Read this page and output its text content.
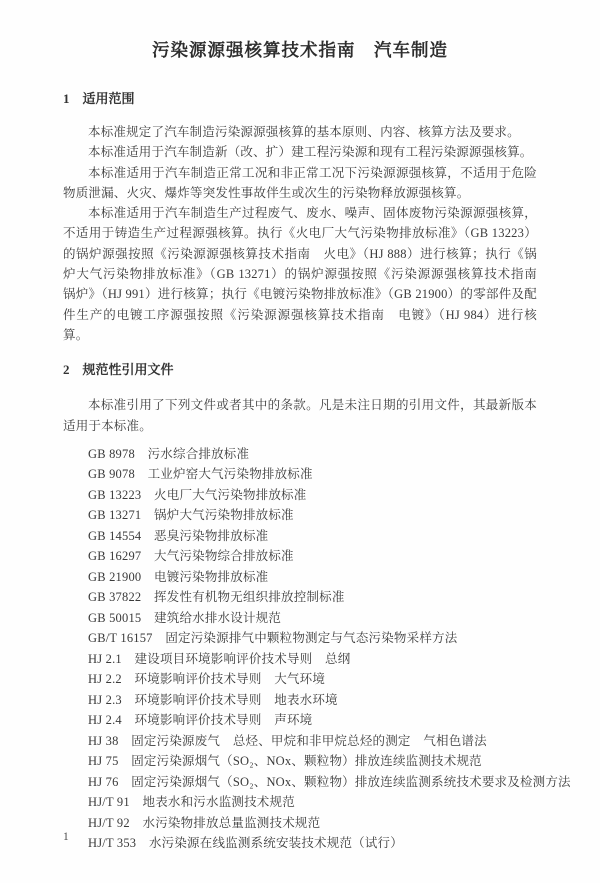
污染源源强核算技术指南　汽车制造
1　适用范围

本标准规定了汽车制造污染源源强核算的基本原则、内容、核算方法及要求。

本标准适用于汽车制造新（改、扩）建工程污染源和现有工程污染源源强核算。

本标准适用于汽车制造正常工况和非正常工况下污染源源强核算，不适用于危险物质泄漏、火灾、爆炸等突发性事故伴生或次生的污染物释放源强核算。

本标准适用于汽车制造生产过程废气、废水、噪声、固体废物污染源源强核算，不适用于铸造生产过程源强核算。执行《火电厂大气污染物排放标准》（GB 13223）的锅炉源强按照《污染源源强核算技术指南　火电》（HJ 888）进行核算；执行《锅炉大气污染物排放标准》（GB 13271）的锅炉源强按照《污染源源强核算技术指南　锅炉》（HJ 991）进行核算；执行《电镀污染物排放标准》（GB 21900）的零部件及配件生产的电镀工序源强按照《污染源源强核算技术指南　电镀》（HJ 984）进行核算。

2　规范性引用文件

本标准引用了下列文件或者其中的条款。凡是未注日期的引用文件，其最新版本适用于本标准。

GB 8978　污水综合排放标准
GB 9078　工业炉窑大气污染物排放标准
GB 13223　火电厂大气污染物排放标准
GB 13271　锅炉大气污染物排放标准
GB 14554　恶臭污染物排放标准
GB 16297　大气污染物综合排放标准
GB 21900　电镀污染物排放标准
GB 37822　挥发性有机物无组织排放控制标准
GB 50015　建筑给水排水设计规范
GB/T 16157　固定污染源排气中颗粒物测定与气态污染物采样方法
HJ 2.1　建设项目环境影响评价技术导则　总纲
HJ 2.2　环境影响评价技术导则　大气环境
HJ 2.3　环境影响评价技术导则　地表水环境
HJ 2.4　环境影响评价技术导则　声环境
HJ 38　固定污染源废气　总烃、甲烷和非甲烷总烃的测定　气相色谱法
HJ 75　固定污染源烟气（SO₂、NOx、颗粒物）排放连续监测技术规范
HJ 76　固定污染源烟气（SO₂、NOx、颗粒物）排放连续监测系统技术要求及检测方法
HJ/T 91　地表水和污水监测技术规范
HJ/T 92　水污染物排放总量监测技术规范
HJ/T 353　水污染源在线监测系统安装技术规范（试行）
1
